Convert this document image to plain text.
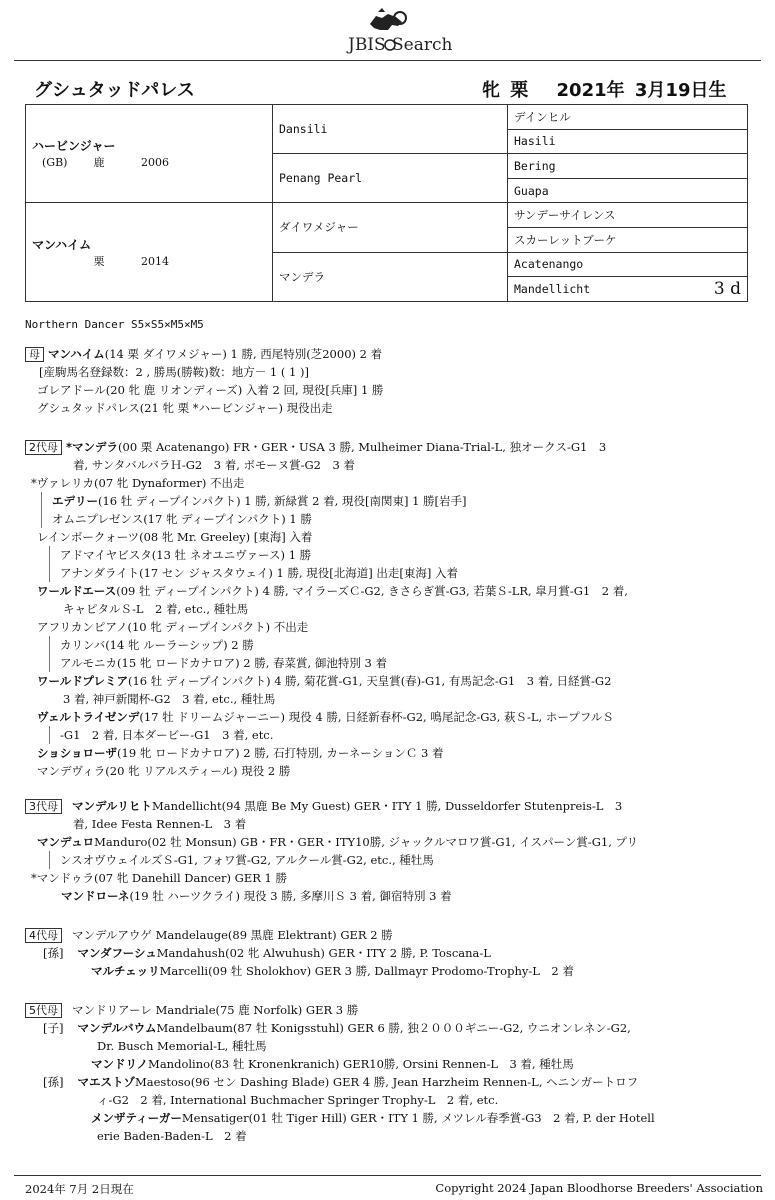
JBIS Search
グシュタッドパレス	牝 栗　 2021年 3月19日生
ハービンジャー
(GB) 鹿 2006	Dansili	デインヒル
		Hasili
	Penang Pearl	Bering
		Guapa

マンハイム
栗 2014	ダイワメジャー	サンデーサイレンス
		スカーレットブーケ
	マンデラ	Acatenango
		Mandellicht 3 d
Northern Dancer S5×S5×M5×M5
母 マンハイム(14 栗 ダイワメジャー) 1 勝, 西尾特別(芝2000) 2 着
[産駒馬名登録数：2 , 勝馬(勝鞍)数：地方－ 1 ( 1 )]
ゴレアドール(20 牝 鹿 リオンディーズ) 入着 2 回, 現役[兵庫] 1 勝
グシュタッドパレス(21 牝 栗 *ハービンジャー) 現役出走
2代母 *マンデラ(00 栗 Acatenango) FR・GER・USA 3 勝, Mulheimer Diana-Trial-L, 独オークス-G1　3
着, サンタバルバラＨ-G2　3 着, ボモーヌ賞-G2　3 着
*ヴァレリカ(07 牝 Dynaformer) 不出走
エデリー(16 牡 ディープインパクト) 1 勝, 新緑賞 2 着, 現役[南関東] 1 勝[岩手]
オムニプレゼンス(17 牝 ディープインパクト) 1 勝
レインボークォーツ(08 牝 Mr. Greeley) [東海] 入着
アドマイヤビスタ(13 牡 ネオユニヴァース) 1 勝
アナンダライト(17 セン ジャスタウェイ) 1 勝, 現役[北海道] 出走[東海] 入着
ワールドエース(09 牡 ディープインパクト) 4 勝, マイラーズＣ-G2, きさらぎ賞-G3, 若葉Ｓ-LR, 皐月賞-G1　2 着,
キャピタルＳ-L　2 着, etc., 種牡馬
アフリカンピアノ(10 牝 ディープインパクト) 不出走
カリンバ(14 牝 ルーラーシップ) 2 勝
アルモニカ(15 牝 ロードカナロア) 2 勝, 春菜賞, 御池特別 3 着
ワールドプレミア(16 牡 ディープインパクト) 4 勝, 菊花賞-G1, 天皇賞(春)-G1, 有馬記念-G1　3 着, 日経賞-G2
3 着, 神戸新聞杯-G2　3 着, etc., 種牡馬
ヴェルトライゼンデ(17 牡 ドリームジャーニー) 現役 4 勝, 日経新春杯-G2, 鳴尾記念-G3, 萩Ｓ-L, ホープフルＳ
-G1　2 着, 日本ダービー-G1　3 着, etc.
ショショローザ(19 牝 ロードカナロア) 2 勝, 石打特別, カーネーションＣ 3 着
マンデヴィラ(20 牝 リアルスティール) 現役 2 勝
3代母 マンデルリヒトMandellicht(94 黒鹿 Be My Guest) GER・ITY 1 勝, Dusseldorfer Stutenpreis-L　3
着, Idee Festa Rennen-L　3 着
マンデュロManduro(02 牡 Monsun) GB・FR・GER・ITY10勝, ジャックルマロワ賞-G1, イスパーン賞-G1, プリ
ンスオヴウェイルズＳ-G1, フォワ賞-G2, アルクール賞-G2, etc., 種牡馬
*マンドゥラ(07 牝 Danehill Dancer) GER 1 勝
マンドローネ(19 牡 ハーツクライ) 現役 3 勝, 多摩川Ｓ 3 着, 御宿特別 3 着
4代母 マンデルアウゲ Mandelauge(89 黒鹿 Elektrant) GER 2 勝
[孫] マンダフーシュMandahush(02 牝 Alwuhush) GER・ITY 2 勝, P. Toscana-L
マルチェッリMarcelli(09 牡 Sholokhov) GER 3 勝, Dallmayr Prodomo-Trophy-L　2 着
5代母 マンドリアーレ Mandriale(75 鹿 Norfolk) GER 3 勝
[子] マンデルバウムMandelbaum(87 牡 Konigsstuhl) GER 6 勝, 独２０００ギニー-G2, ウニオンレネン-G2,
Dr. Busch Memorial-L, 種牡馬
マンドリノMandolino(83 牡 Kronenkranich) GER10勝, Orsini Rennen-L　3 着, 種牡馬
[孫] マエストゾMaestoso(96 セン Dashing Blade) GER 4 勝, Jean Harzheim Rennen-L, ヘニンガートロフ
ィ-G2　2 着, International Buchmacher Springer Trophy-L　2 着, etc.
メンザティーガーMensatiger(01 牡 Tiger Hill) GER・ITY 1 勝, メツレル春季賞-G3　2 着, P. der Hotell
erie Baden-Baden-L　2 着
2024年 7月 2日現在	Copyright 2024 Japan Bloodhorse Breeders' Association
